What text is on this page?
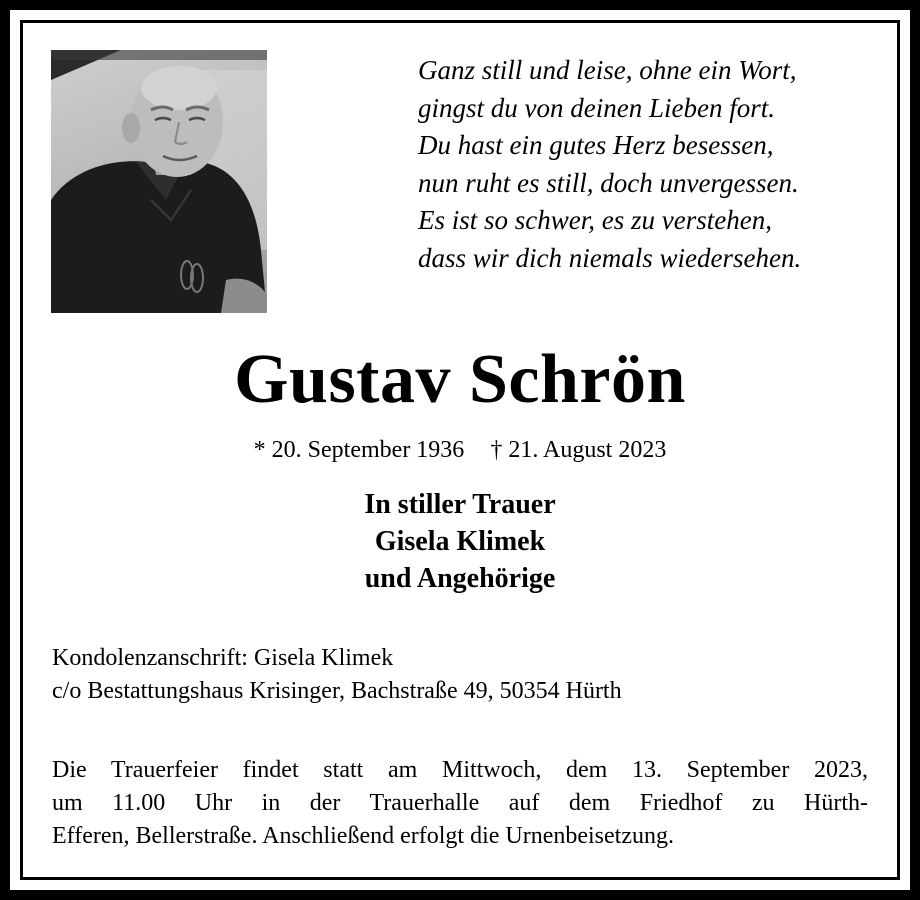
Ganz still und leise, ohne ein Wort,
gingst du von deinen Lieben fort.
Du hast ein gutes Herz besessen,
nun ruht es still, doch unvergessen.
Es ist so schwer, es zu verstehen,
dass wir dich niemals wiedersehen.
Gustav Schrön
* 20. September 1936 † 21. August 2023
In stiller Trauer
Gisela Klimek
und Angehörige
Kondolenzanschrift: Gisela Klimek
c/o Bestattungshaus Krisinger, Bachstraße 49, 50354 Hürth
Die Trauerfeier findet statt am Mittwoch, dem 13. September 2023,
um 11.00 Uhr in der Trauerhalle auf dem Friedhof zu Hürth-
Efferen, Bellerstraße. Anschließend erfolgt die Urnenbeisetzung.
